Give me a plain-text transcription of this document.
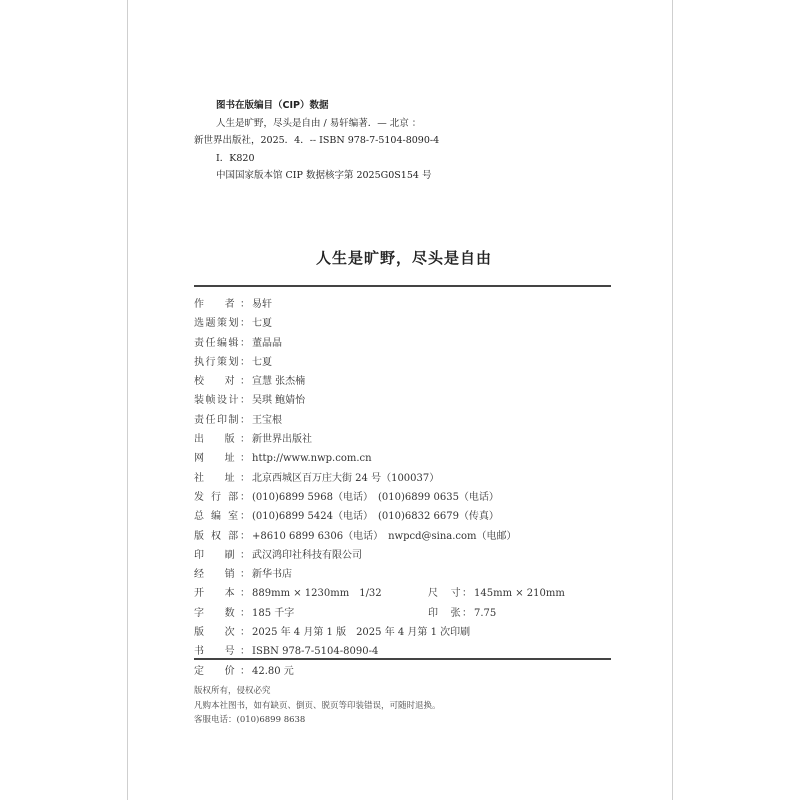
图书在版编目（CIP）数据
人生是旷野，尽头是自由 / 易轩编著．— 北京 ：
新世界出版社，2025．4．-- ISBN 978-7-5104-8090-4
Ⅰ．K820
中国国家版本馆 CIP 数据核字第 2025G0S154 号
人生是旷野，尽头是自由
作　者： 易轩
选题策划： 七夏
责任编辑： 董晶晶
执行策划： 七夏
校　对： 宣慧 张杰楠
装帧设计： 吴琪 鲍婧怡
责任印制： 王宝根
出　版： 新世界出版社
网　址： http://www.nwp.com.cn
社　址： 北京西城区百万庄大街 24 号（100037）
发 行 部： (010)6899 5968（电话）　(010)6899 0635（电话）
总 编 室： (010)6899 5424（电话）　(010)6832 6679（传真）
版 权 部： +8610 6899 6306（电话）　nwpcd@sina.com（电邮）
印　刷： 武汉鸿印社科技有限公司
经　销： 新华书店
开　本： 889mm × 1230mm　1/32	尺　寸： 145mm × 210mm
字　数： 185 千字	印　张： 7.75
版　次： 2025 年 4 月第 1 版　2025 年 4 月第 1 次印刷
书　号： ISBN 978-7-5104-8090-4
定　价： 42.80 元
版权所有，侵权必究
凡购本社图书，如有缺页、倒页、脱页等印装错误，可随时退换。
客服电话：(010)6899 8638
